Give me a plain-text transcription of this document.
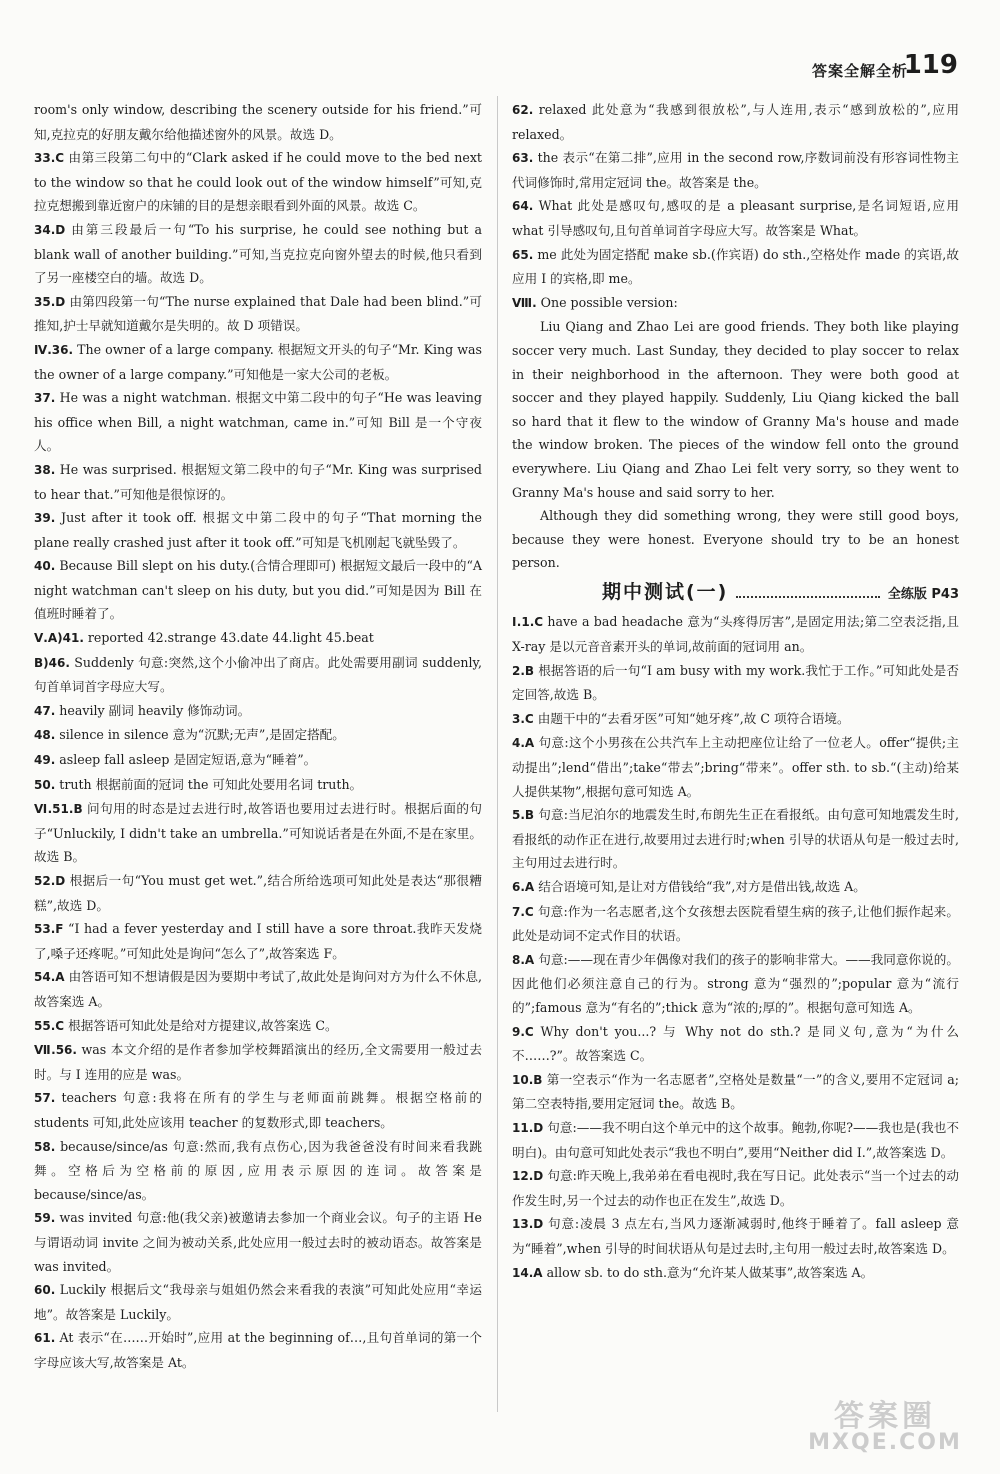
答案全解全析
119

room's only window, describing the scenery outside for his friend.”可知,克拉克的好朋友戴尔给他描述窗外的风景。故选 D。

33.C 由第三段第二句中的“Clark asked if he could move to the bed next to the window so that he could look out of the window himself”可知,克拉克想搬到靠近窗户的床铺的目的是想亲眼看到外面的风景。故选 C。

34.D 由第三段最后一句“To his surprise, he could see nothing but a blank wall of another building.”可知,当克拉克向窗外望去的时候,他只看到了另一座楼空白的墙。故选 D。

35.D 由第四段第一句“The nurse explained that Dale had been blind.”可推知,护士早就知道戴尔是失明的。故 D 项错误。

Ⅳ.36. The owner of a large company. 根据短文开头的句子“Mr. King was the owner of a large company.”可知他是一家大公司的老板。

37. He was a night watchman. 根据文中第二段中的句子“He was leaving his office when Bill, a night watchman, came in.”可知 Bill 是一个守夜人。

38. He was surprised. 根据短文第二段中的句子“Mr. King was surprised to hear that.”可知他是很惊讶的。

39. Just after it took off. 根据文中第二段中的句子“That morning the plane really crashed just after it took off.”可知是飞机刚起飞就坠毁了。

40. Because Bill slept on his duty.(合情合理即可) 根据短文最后一段中的“A night watchman can't sleep on his duty, but you did.”可知是因为 Bill 在值班时睡着了。

Ⅴ.A)41. reported 42.strange 43.date 44.light 45.beat

B)46. Suddenly 句意:突然,这个小偷冲出了商店。此处需要用副词 suddenly,句首单词首字母应大写。

47. heavily 副词 heavily 修饰动词。

48. silence in silence 意为“沉默;无声”,是固定搭配。

49. asleep fall asleep 是固定短语,意为“睡着”。

50. truth 根据前面的冠词 the 可知此处要用名词 truth。

Ⅵ.51.B 问句用的时态是过去进行时,故答语也要用过去进行时。根据后面的句子“Unluckily, I didn't take an umbrella.”可知说话者是在外面,不是在家里。故选 B。

52.D 根据后一句“You must get wet.”,结合所给选项可知此处是表达“那很糟糕”,故选 D。

53.F “I had a fever yesterday and I still have a sore throat.我昨天发烧了,嗓子还疼呢。”可知此处是询问“怎么了”,故答案选 F。

54.A 由答语可知不想请假是因为要期中考试了,故此处是询问对方为什么不休息,故答案选 A。

55.C 根据答语可知此处是给对方提建议,故答案选 C。

Ⅶ.56. was 本文介绍的是作者参加学校舞蹈演出的经历,全文需要用一般过去时。与 I 连用的应是 was。

57. teachers 句意:我将在所有的学生与老师面前跳舞。根据空格前的 students 可知,此处应该用 teacher 的复数形式,即 teachers。

58. because/since/as 句意:然而,我有点伤心,因为我爸爸没有时间来看我跳舞。空格后为空格前的原因,应用表示原因的连词。故答案是 because/since/as。

59. was invited 句意:他(我父亲)被邀请去参加一个商业会议。句子的主语 He 与谓语动词 invite 之间为被动关系,此处应用一般过去时的被动语态。故答案是 was invited。

60. Luckily 根据后文“我母亲与姐姐仍然会来看我的表演”可知此处应用“幸运地”。故答案是 Luckily。

61. At 表示“在……开始时”,应用 at the beginning of…,且句首单词的第一个字母应该大写,故答案是 At。

62. relaxed 此处意为“我感到很放松”,与人连用,表示“感到放松的”,应用 relaxed。

63. the 表示“在第二排”,应用 in the second row,序数词前没有形容词性物主代词修饰时,常用定冠词 the。故答案是 the。

64. What 此处是感叹句,感叹的是 a pleasant surprise,是名词短语,应用 what 引导感叹句,且句首单词首字母应大写。故答案是 What。

65. me 此处为固定搭配 make sb.(作宾语) do sth.,空格处作 made 的宾语,故应用 I 的宾格,即 me。

Ⅷ. One possible version:

Liu Qiang and Zhao Lei are good friends. They both like playing soccer very much. Last Sunday, they decided to play soccer to relax in their neighborhood in the afternoon. They were both good at soccer and they played happily. Suddenly, Liu Qiang kicked the ball so hard that it flew to the window of Granny Ma's house and made the window broken. The pieces of the window fell onto the ground everywhere. Liu Qiang and Zhao Lei felt very sorry, so they went to Granny Ma's house and said sorry to her.

Although they did something wrong, they were still good boys, because they were honest. Everyone should try to be an honest person.

期中测试(一)	全练版 P43

Ⅰ.1.C have a bad headache 意为“头疼得厉害”,是固定用法;第二空表泛指,且 X-ray 是以元音音素开头的单词,故前面的冠词用 an。

2.B 根据答语的后一句“I am busy with my work.我忙于工作。”可知此处是否定回答,故选 B。

3.C 由题干中的“去看牙医”可知“她牙疼”,故 C 项符合语境。

4.A 句意:这个小男孩在公共汽车上主动把座位让给了一位老人。offer“提供;主动提出”;lend“借出”;take“带去”;bring“带来”。offer sth. to sb.“(主动)给某人提供某物”,根据句意可知选 A。

5.B 句意:当尼泊尔的地震发生时,布朗先生正在看报纸。由句意可知地震发生时,看报纸的动作正在进行,故要用过去进行时;when 引导的状语从句是一般过去时,主句用过去进行时。

6.A 结合语境可知,是让对方借钱给“我”,对方是借出钱,故选 A。

7.C 句意:作为一名志愿者,这个女孩想去医院看望生病的孩子,让他们振作起来。此处是动词不定式作目的状语。

8.A 句意:——现在青少年偶像对我们的孩子的影响非常大。——我同意你说的。因此他们必须注意自己的行为。strong 意为“强烈的”;popular 意为“流行的”;famous 意为“有名的”;thick 意为“浓的;厚的”。根据句意可知选 A。

9.C Why don't you...? 与 Why not do sth.? 是同义句,意为“为什么不……?”。故答案选 C。

10.B 第一空表示“作为一名志愿者”,空格处是数量“一”的含义,要用不定冠词 a;第二空表特指,要用定冠词 the。故选 B。

11.D 句意:——我不明白这个单元中的这个故事。鲍勃,你呢?——我也是(我也不明白)。由句意可知此处表示“我也不明白”,要用“Neither did I.”,故答案选 D。

12.D 句意:昨天晚上,我弟弟在看电视时,我在写日记。此处表示“当一个过去的动作发生时,另一个过去的动作也正在发生”,故选 D。

13.D 句意:凌晨 3 点左右,当风力逐渐减弱时,他终于睡着了。fall asleep 意为“睡着”,when 引导的时间状语从句是过去时,主句用一般过去时,故答案选 D。

14.A allow sb. to do sth.意为“允许某人做某事”,故答案选 A。

答案圈
MXQE.COM
